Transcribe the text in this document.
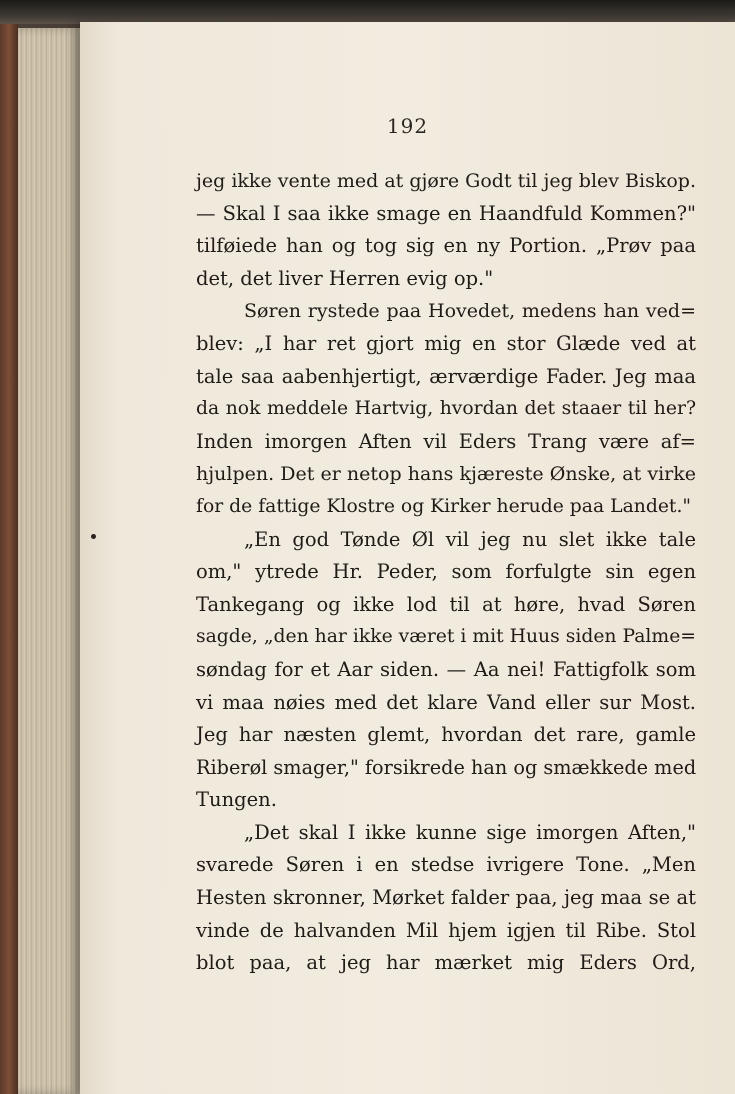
192
jeg ikke vente med at gjøre Godt til jeg blev Biskop.
— Skal I saa ikke smage en Haandfuld Kommen?"
tilføiede han og tog sig en ny Portion. „Prøv paa
det, det liver Herren evig op."
Søren rystede paa Hovedet, medens han ved=
blev: „I har ret gjort mig en stor Glæde ved at
tale saa aabenhjertigt, ærværdige Fader. Jeg maa
da nok meddele Hartvig, hvordan det staaer til her?
Inden imorgen Aften vil Eders Trang være af=
hjulpen. Det er netop hans kjæreste Ønske, at virke
for de fattige Klostre og Kirker herude paa Landet."
„En god Tønde Øl vil jeg nu slet ikke tale
om," ytrede Hr. Peder, som forfulgte sin egen
Tankegang og ikke lod til at høre, hvad Søren
sagde, „den har ikke været i mit Huus siden Palme=
søndag for et Aar siden. — Aa nei! Fattigfolk som
vi maa nøies med det klare Vand eller sur Most.
Jeg har næsten glemt, hvordan det rare, gamle
Riberøl smager," forsikrede han og smækkede med
Tungen.
„Det skal I ikke kunne sige imorgen Aften,"
svarede Søren i en stedse ivrigere Tone. „Men
Hesten skronner, Mørket falder paa, jeg maa se at
vinde de halvanden Mil hjem igjen til Ribe. Stol
blot paa, at jeg har mærket mig Eders Ord,
